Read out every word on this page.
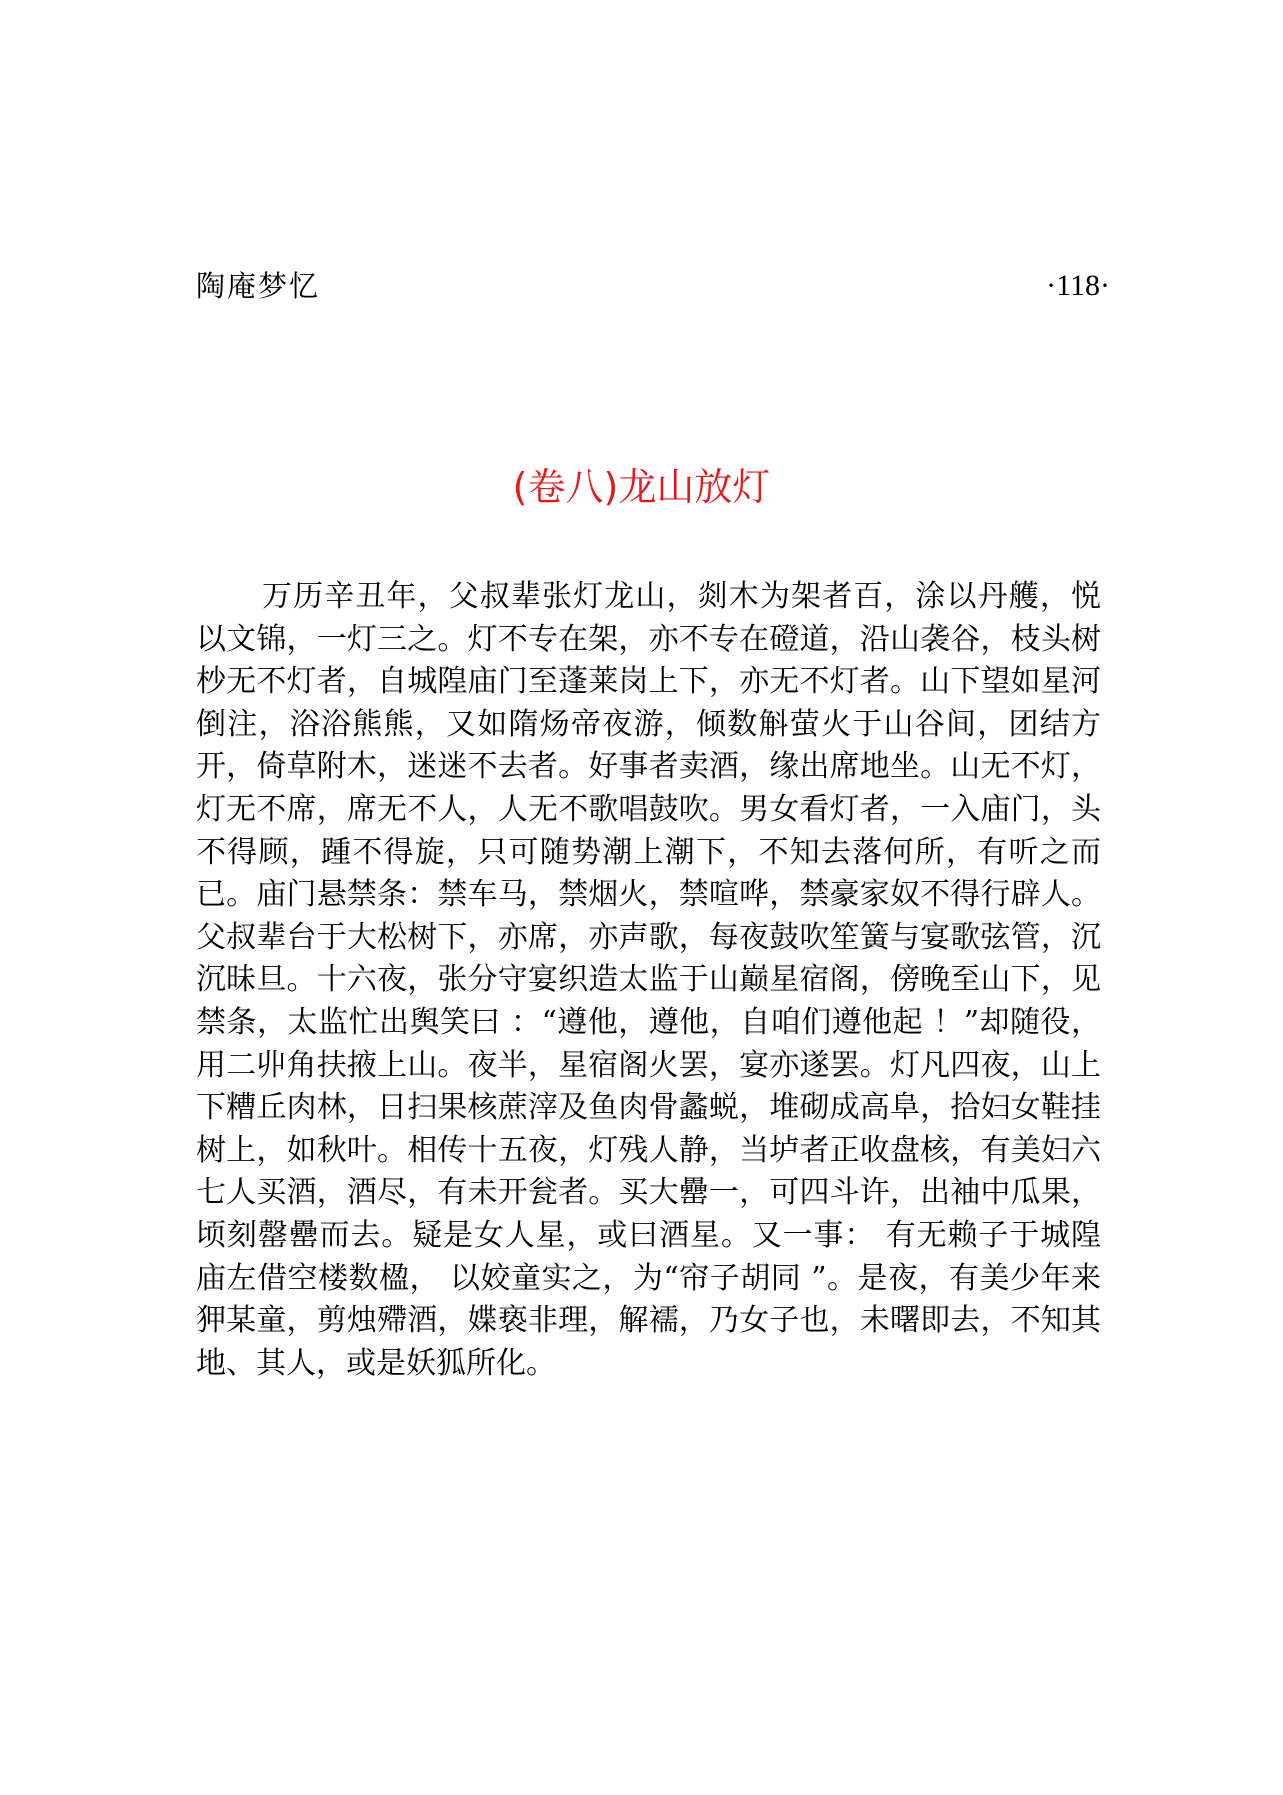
陶庵梦忆	·118·
(卷八)龙山放灯

万历辛丑年，父叔辈张灯龙山，剡木为架者百，涂以丹艧，悦以文锦，一灯三之。灯不专在架，亦不专在磴道，沿山袭谷，枝头树杪无不灯者，自城隍庙门至蓬莱岗上下，亦无不灯者。山下望如星河倒注，浴浴熊熊，又如隋炀帝夜游，倾数斛萤火于山谷间，团结方开，倚草附木，迷迷不去者。好事者卖酒，缘出席地坐。山无不灯，灯无不席，席无不人，人无不歌唱鼓吹。男女看灯者，一入庙门，头不得顾，踵不得旋，只可随势潮上潮下，不知去落何所，有听之而已。庙门悬禁条：禁车马，禁烟火，禁喧哗，禁豪家奴不得行辟人。父叔辈台于大松树下，亦席，亦声歌，每夜鼓吹笙簧与宴歌弦管，沉沉昧旦。十六夜，张分守宴织造太监于山巅星宿阁，傍晚至山下，见禁条，太监忙出舆笑曰 ：“遵他，遵他，自咱们遵他起 ！”却随役，用二丱角扶掖上山。夜半，星宿阁火罢，宴亦遂罢。灯凡四夜，山上下糟丘肉林，日扫果核蔗滓及鱼肉骨蠡蜕，堆砌成高阜，拾妇女鞋挂树上，如秋叶。相传十五夜，灯残人静，当垆者正收盘核，有美妇六七人买酒，酒尽，有未开瓮者。买大罍一，可四斗许，出袖中瓜果，顷刻罄罍而去。疑是女人星，或曰酒星。又一事： 有无赖子于城隍庙左借空楼数楹， 以姣童实之，为“帘子胡同 ”。是夜，有美少年来狎某童，剪烛殢酒，媟亵非理，解襦，乃女子也，未曙即去，不知其地、其人，或是妖狐所化。
